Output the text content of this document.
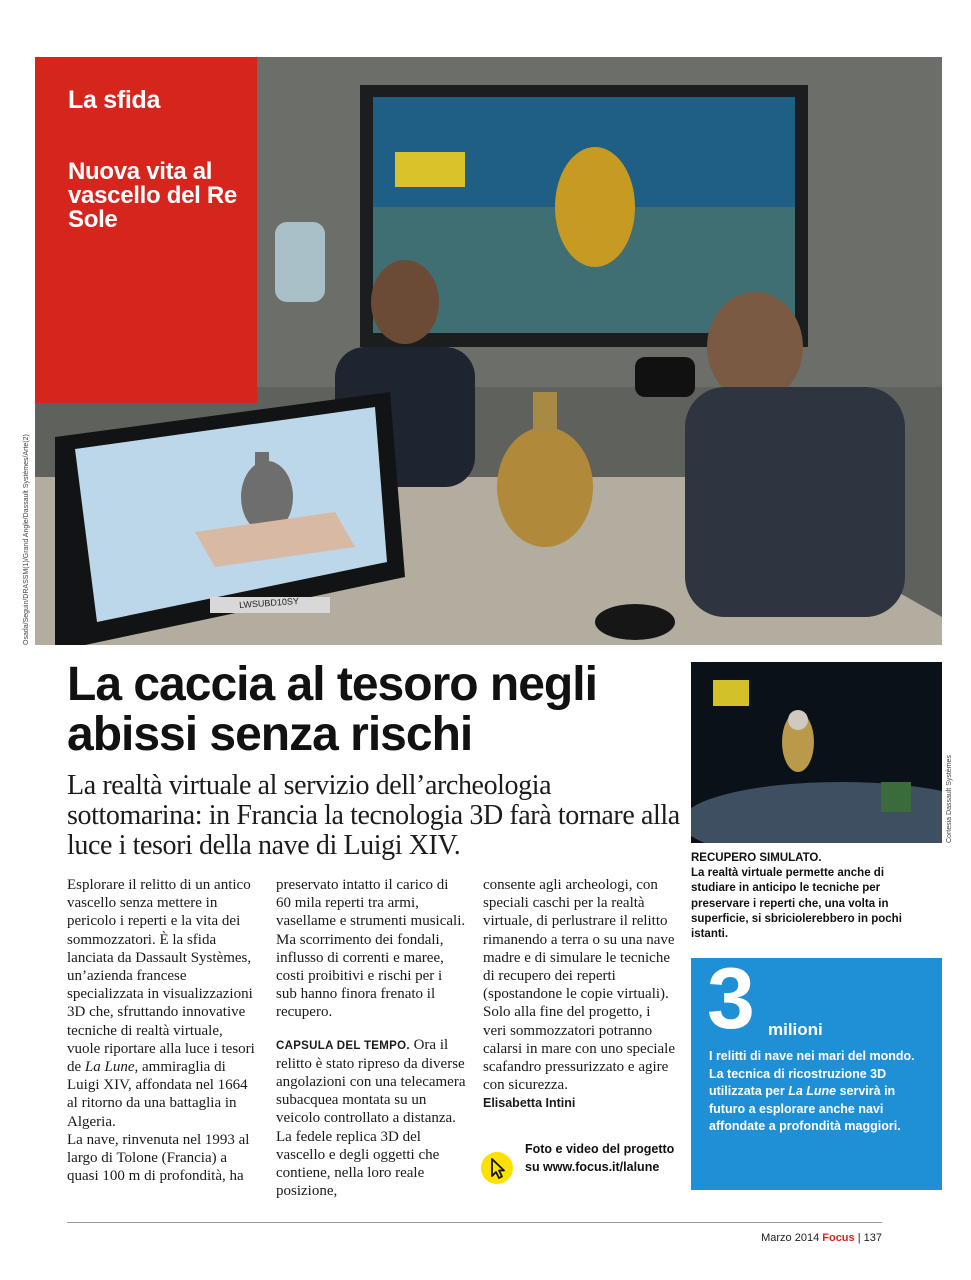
LWSUBD10SY
Osada/Seguin/DRASSM(1)/Grand Angle/Dassault Systèmes/Arte(2)
La sfida
Nuova vita al vascello del Re Sole
La caccia al tesoro negli abissi senza rischi
La realtà virtuale al servizio dell’archeologia sottomarina: in Francia la tecnologia 3D farà tornare alla luce i tesori della nave di Luigi XIV.

Esplorare il relitto di un antico vascello senza mettere in pericolo i reperti e la vita dei sommozzatori. È la sfida lanciata da Dassault Systèmes, un’azienda francese specializzata in visualizzazioni 3D che, sfruttando innovative tecniche di realtà virtuale, vuole riportare alla luce i tesori de La Lune, ammiraglia di Luigi XIV, affondata nel 1664 al ritorno da una battaglia in Algeria.

La nave, rinvenuta nel 1993 al largo di Tolone (Francia) a quasi 100 m di profondità, ha

preservato intatto il carico di 60 mila reperti tra armi, vasellame e strumenti musicali. Ma scorrimento dei fondali, influsso di correnti e maree, costi proibitivi e rischi per i sub hanno finora frenato il recupero.

CAPSULA DEL TEMPO. Ora il relitto è stato ripreso da diverse angolazioni con una telecamera subacquea montata su un veicolo controllato a distanza. La fedele replica 3D del vascello e degli oggetti che contiene, nella loro reale posizione,

consente agli archeologi, con speciali caschi per la realtà virtuale, di perlustrare il relitto rimanendo a terra o su una nave madre e di simulare le tecniche di recupero dei reperti (spostandone le copie virtuali). Solo alla fine del progetto, i veri sommozzatori potranno calarsi in mare con uno speciale scafandro pressurizzato e agire con sicurezza.

Elisabetta Intini

Foto e video del progetto su www.focus.it/lalune
Cortesia Dassault Systèmes
RECUPERO SIMULATO.
La realtà virtuale permette anche di studiare in anticipo le tecniche per preservare i reperti che, una volta in superficie, si sbriciolerebbero in pochi istanti.
3 milioni
I relitti di nave nei mari del mondo. La tecnica di ricostruzione 3D utilizzata per La Lune servirà in futuro a esplorare anche navi affondate a profondità maggiori.
Marzo 2014 Focus | 137
